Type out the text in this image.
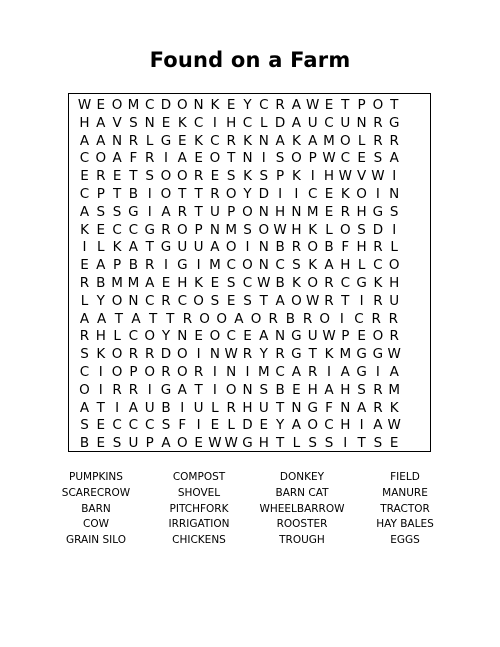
Found on a Farm
W E O M C D O N K E Y C R A W E T P O T
H A V S N E K C I H C L D A U C U N R G
A A N R L G E K C R K N A K A M O L R R
C O A F R I A E O T N I S O P W C E S A
E R E T S O O R E S K S P K I H W V W I
C P T B I O T T R O Y D I I C E K O I N
A S S G I A R T U P O N H N M E R H G S
K E C C G R O P N M S O W H K L O S D I
I L K A T G U U A O I N B R O B F H R L
E A P B R I G I M C O N C S K A H L C O
R B M M A E H K E S C W B K O R C G K H
L Y O N C R C O S E S T A O W R T I R U
A A T A T T R O O A O R B R O I C R R
R H L C O Y N E O C E A N G U W P E O R
S K O R R D O I N W R Y R G T K M G G W
C I O P O R O R I N I M C A R I A G I A
O I R R I G A T I O N S B E H A H S R M
A T I A U B I U L R H U T N G F N A R K
S E C C C S F I E L D E Y A O C H I A W
B E S U P A O E W W G H T L S S I T S E
PUMPKINS
SCARECROW
BARN
COW
GRAIN SILO
COMPOST
SHOVEL
PITCHFORK
IRRIGATION
CHICKENS
DONKEY
BARN CAT
WHEELBARROW
ROOSTER
TROUGH
FIELD
MANURE
TRACTOR
HAY BALES
EGGS
